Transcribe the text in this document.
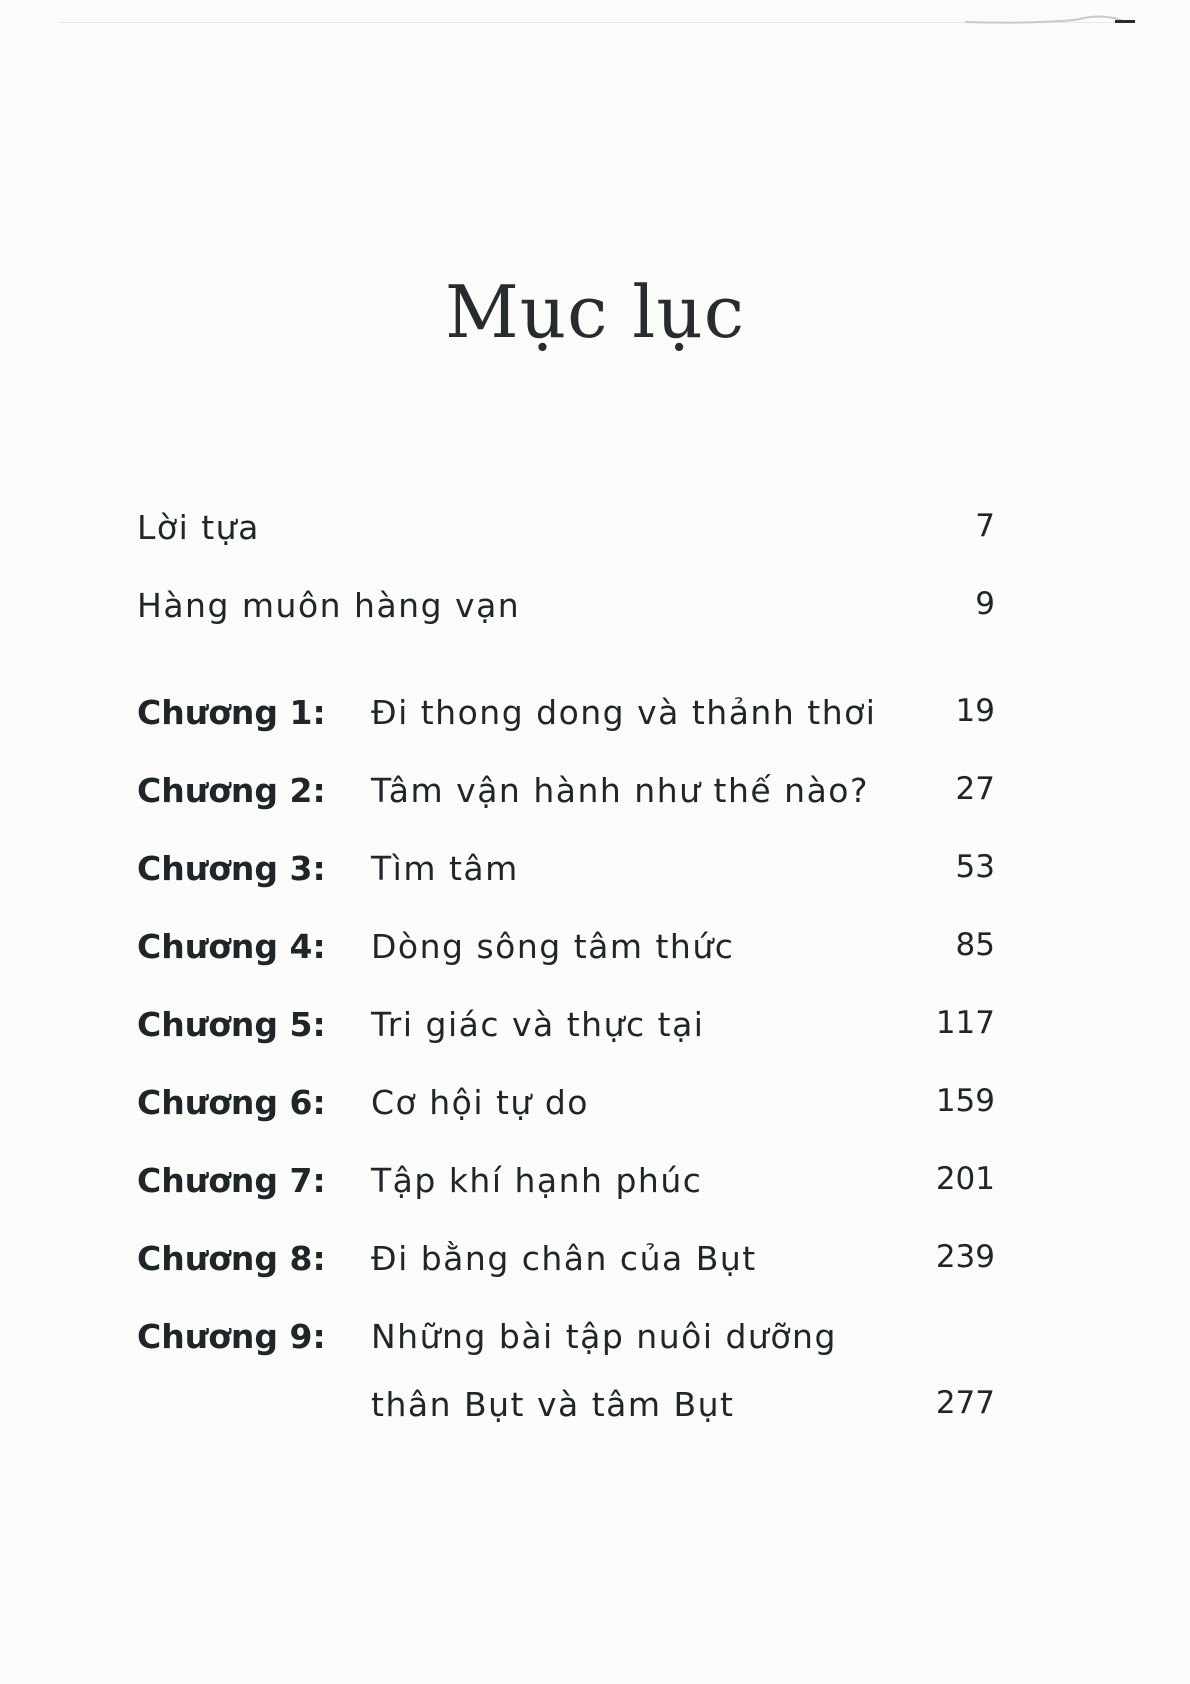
Mục lục
Lời tựa	7
Hàng muôn hàng vạn	9
Chương 1: Đi thong dong và thảnh thơi	19
Chương 2: Tâm vận hành như thế nào?	27
Chương 3: Tìm tâm	53
Chương 4: Dòng sông tâm thức	85
Chương 5: Tri giác và thực tại	117
Chương 6: Cơ hội tự do	159
Chương 7: Tập khí hạnh phúc	201
Chương 8: Đi bằng chân của Bụt	239
Chương 9: Những bài tập nuôi dưỡng
thân Bụt và tâm Bụt	277
